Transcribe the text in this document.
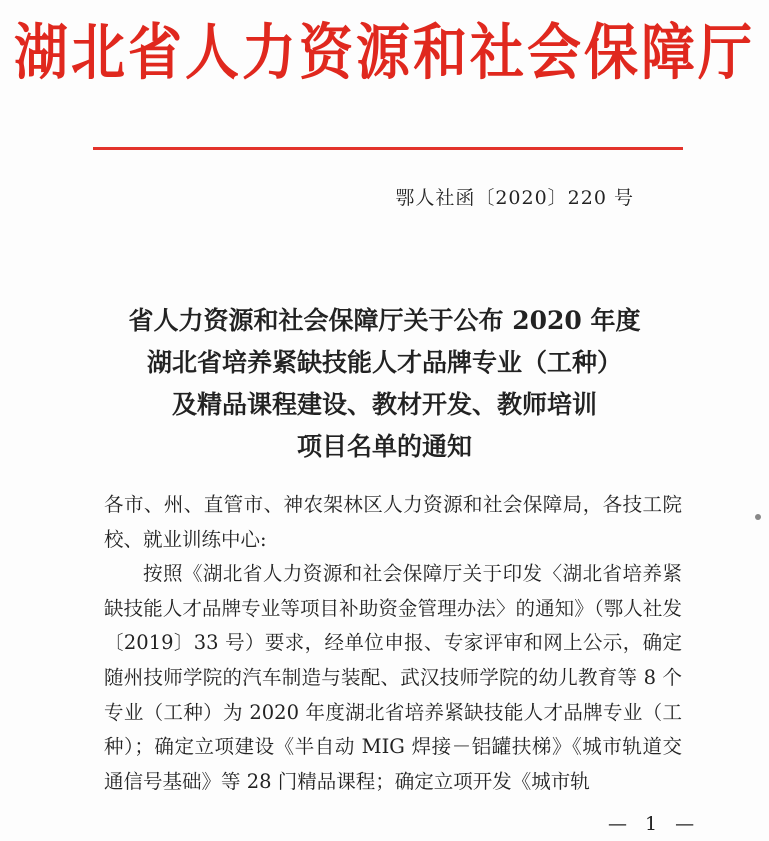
湖北省人力资源和社会保障厅
鄂人社函〔2020〕220 号
省人力资源和社会保障厅关于公布 2020 年度
湖北省培养紧缺技能人才品牌专业（工种）
及精品课程建设、教材开发、教师培训
项目名单的通知

各市、州、直管市、神农架林区人力资源和社会保障局，各技工院校、就业训练中心:

按照《湖北省人力资源和社会保障厅关于印发〈湖北省培养紧缺技能人才品牌专业等项目补助资金管理办法〉的通知》（鄂人社发〔2019〕33 号）要求，经单位申报、专家评审和网上公示，确定随州技师学院的汽车制造与装配、武汉技师学院的幼儿教育等 8 个专业（工种）为 2020 年度湖北省培养紧缺技能人才品牌专业（工种）；确定立项建设《半自动 MIG 焊接－铝罐扶梯》《城市轨道交通信号基础》等 28 门精品课程；确定立项开发《城市轨

— 1 —
